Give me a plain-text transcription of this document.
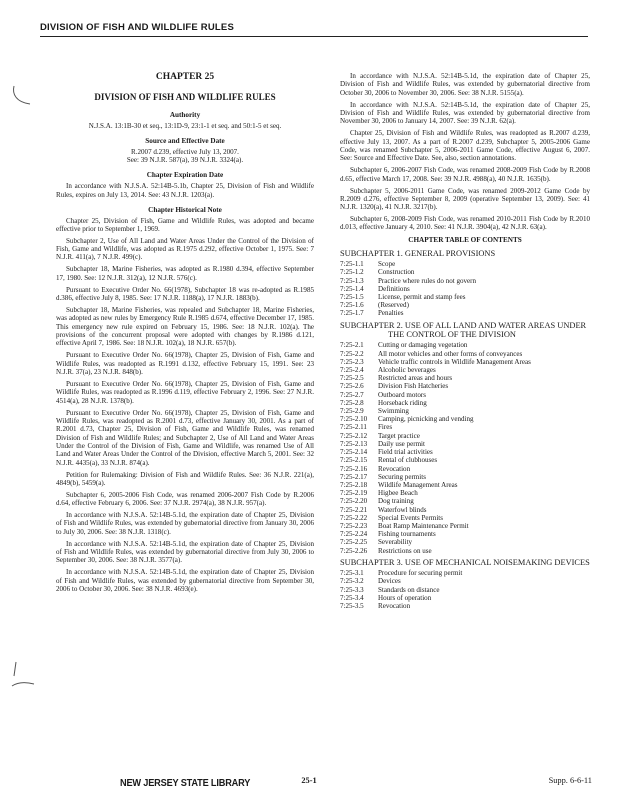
DIVISION OF FISH AND WILDLIFE RULES
CHAPTER 25
DIVISION OF FISH AND WILDLIFE RULES
Authority
N.J.S.A. 13:1B-30 et seq., 13:1D-9, 23:1-1 et seq. and 50:1-5 et seq.
Source and Effective Date
R.2007 d.239, effective July 13, 2007.
See: 39 N.J.R. 587(a), 39 N.J.R. 3324(a).
Chapter Expiration Date
In accordance with N.J.S.A. 52:14B-5.1b, Chapter 25, Division of Fish and Wildlife Rules, expires on July 13, 2014. See: 43 N.J.R. 1203(a).
Chapter Historical Note
Chapter 25, Division of Fish, Game and Wildlife Rules, was adopted and became effective prior to September 1, 1969.
Subchapter 2, Use of All Land and Water Areas Under the Control of the Division of Fish, Game and Wildlife, was adopted as R.1975 d.292, effective October 1, 1975. See: 7 N.J.R. 411(a), 7 N.J.R. 499(c).
Subchapter 18, Marine Fisheries, was adopted as R.1980 d.394, effective September 17, 1980. See: 12 N.J.R. 312(a), 12 N.J.R. 576(c).
Pursuant to Executive Order No. 66(1978), Subchapter 18 was re-adopted as R.1985 d.386, effective July 8, 1985. See: 17 N.J.R. 1188(a), 17 N.J.R. 1883(b).
Subchapter 18, Marine Fisheries, was repealed and Subchapter 18, Marine Fisheries, was adopted as new rules by Emergency Rule R.1985 d.674, effective December 17, 1985. This emergency new rule expired on February 15, 1986. See: 18 N.J.R. 102(a). The provisions of the concurrent proposal were adopted with changes by R.1986 d.121, effective April 7, 1986. See: 18 N.J.R. 102(a), 18 N.J.R. 657(b).
Pursuant to Executive Order No. 66(1978), Chapter 25, Division of Fish, Game and Wildlife Rules, was readopted as R.1991 d.132, effective February 15, 1991. See: 23 N.J.R. 37(a), 23 N.J.R. 848(b).
Pursuant to Executive Order No. 66(1978), Chapter 25, Division of Fish, Game and Wildlife Rules, was readopted as R.1996 d.119, effective February 2, 1996. See: 27 N.J.R. 4514(a), 28 N.J.R. 1378(b).
Pursuant to Executive Order No. 66(1978), Chapter 25, Division of Fish, Game and Wildlife Rules, was readopted as R.2001 d.73, effective January 30, 2001. As a part of R.2001 d.73, Chapter 25, Division of Fish, Game and Wildlife Rules, was renamed Division of Fish and Wildlife Rules; and Subchapter 2, Use of All Land and Water Areas Under the Control of the Division of Fish, Game and Wildlife, was renamed Use of All Land and Water Areas Under the Control of the Division, effective March 5, 2001. See: 32 N.J.R. 4435(a), 33 N.J.R. 874(a).
Petition for Rulemaking: Division of Fish and Wildlife Rules. See: 36 N.J.R. 221(a), 4849(b), 5459(a).
Subchapter 6, 2005-2006 Fish Code, was renamed 2006-2007 Fish Code by R.2006 d.64, effective February 6, 2006. See: 37 N.J.R. 2974(a), 38 N.J.R. 957(a).
In accordance with N.J.S.A. 52:14B-5.1d, the expiration date of Chapter 25, Division of Fish and Wildlife Rules, was extended by gubernatorial directive from January 30, 2006 to July 30, 2006. See: 38 N.J.R. 1318(c).
In accordance with N.J.S.A. 52:14B-5.1d, the expiration date of Chapter 25, Division of Fish and Wildlife Rules, was extended by gubernatorial directive from July 30, 2006 to September 30, 2006. See: 38 N.J.R. 3577(a).
In accordance with N.J.S.A. 52:14B-5.1d, the expiration date of Chapter 25, Division of Fish and Wildlife Rules, was extended by gubernatorial directive from September 30, 2006 to October 30, 2006. See: 38 N.J.R. 4693(e).
In accordance with N.J.S.A. 52:14B-5.1d, the expiration date of Chapter 25, Division of Fish and Wildlife Rules, was extended by gubernatorial directive from October 30, 2006 to November 30, 2006. See: 38 N.J.R. 5155(a).
In accordance with N.J.S.A. 52:14B-5.1d, the expiration date of Chapter 25, Division of Fish and Wildlife Rules, was extended by gubernatorial directive from November 30, 2006 to January 14, 2007. See: 39 N.J.R. 62(a).
Chapter 25, Division of Fish and Wildlife Rules, was readopted as R.2007 d.239, effective July 13, 2007. As a part of R.2007 d.239, Subchapter 5, 2005-2006 Game Code, was renamed Subchapter 5, 2006-2011 Game Code, effective August 6, 2007. See: Source and Effective Date. See, also, section annotations.
Subchapter 6, 2006-2007 Fish Code, was renamed 2008-2009 Fish Code by R.2008 d.65, effective March 17, 2008. See: 39 N.J.R. 4988(a), 40 N.J.R. 1635(b).
Subchapter 5, 2006-2011 Game Code, was renamed 2009-2012 Game Code by R.2009 d.276, effective September 8, 2009 (operative September 13, 2009). See: 41 N.J.R. 1320(a), 41 N.J.R. 3217(b).
Subchapter 6, 2008-2009 Fish Code, was renamed 2010-2011 Fish Code by R.2010 d.013, effective January 4, 2010. See: 41 N.J.R. 3904(a), 42 N.J.R. 63(a).
CHAPTER TABLE OF CONTENTS
SUBCHAPTER 1. GENERAL PROVISIONS
7:25-1.1	Scope
7:25-1.2	Construction
7:25-1.3	Practice where rules do not govern
7:25-1.4	Definitions
7:25-1.5	License, permit and stamp fees
7:25-1.6	(Reserved)
7:25-1.7	Penalties
SUBCHAPTER 2. USE OF ALL LAND AND WATER AREAS UNDER THE CONTROL OF THE DIVISION
7:25-2.1	Cutting or damaging vegetation
7:25-2.2	All motor vehicles and other forms of conveyances
7:25-2.3	Vehicle traffic controls in Wildlife Management Areas
7:25-2.4	Alcoholic beverages
7:25-2.5	Restricted areas and hours
7:25-2.6	Division Fish Hatcheries
7:25-2.7	Outboard motors
7:25-2.8	Horseback riding
7:25-2.9	Swimming
7:25-2.10	Camping, picnicking and vending
7:25-2.11	Fires
7:25-2.12	Target practice
7:25-2.13	Daily use permit
7:25-2.14	Field trial activities
7:25-2.15	Rental of clubhouses
7:25-2.16	Revocation
7:25-2.17	Securing permits
7:25-2.18	Wildlife Management Areas
7:25-2.19	Higbee Beach
7:25-2.20	Dog training
7:25-2.21	Waterfowl blinds
7:25-2.22	Special Events Permits
7:25-2.23	Boat Ramp Maintenance Permit
7:25-2.24	Fishing tournaments
7:25-2.25	Severability
7:25-2.26	Restrictions on use
SUBCHAPTER 3. USE OF MECHANICAL NOISEMAKING DEVICES
7:25-3.1	Procedure for securing permit
7:25-3.2	Devices
7:25-3.3	Standards on distance
7:25-3.4	Hours of operation
7:25-3.5	Revocation
NEW JERSEY STATE LIBRARY	25-1	Supp. 6-6-11
